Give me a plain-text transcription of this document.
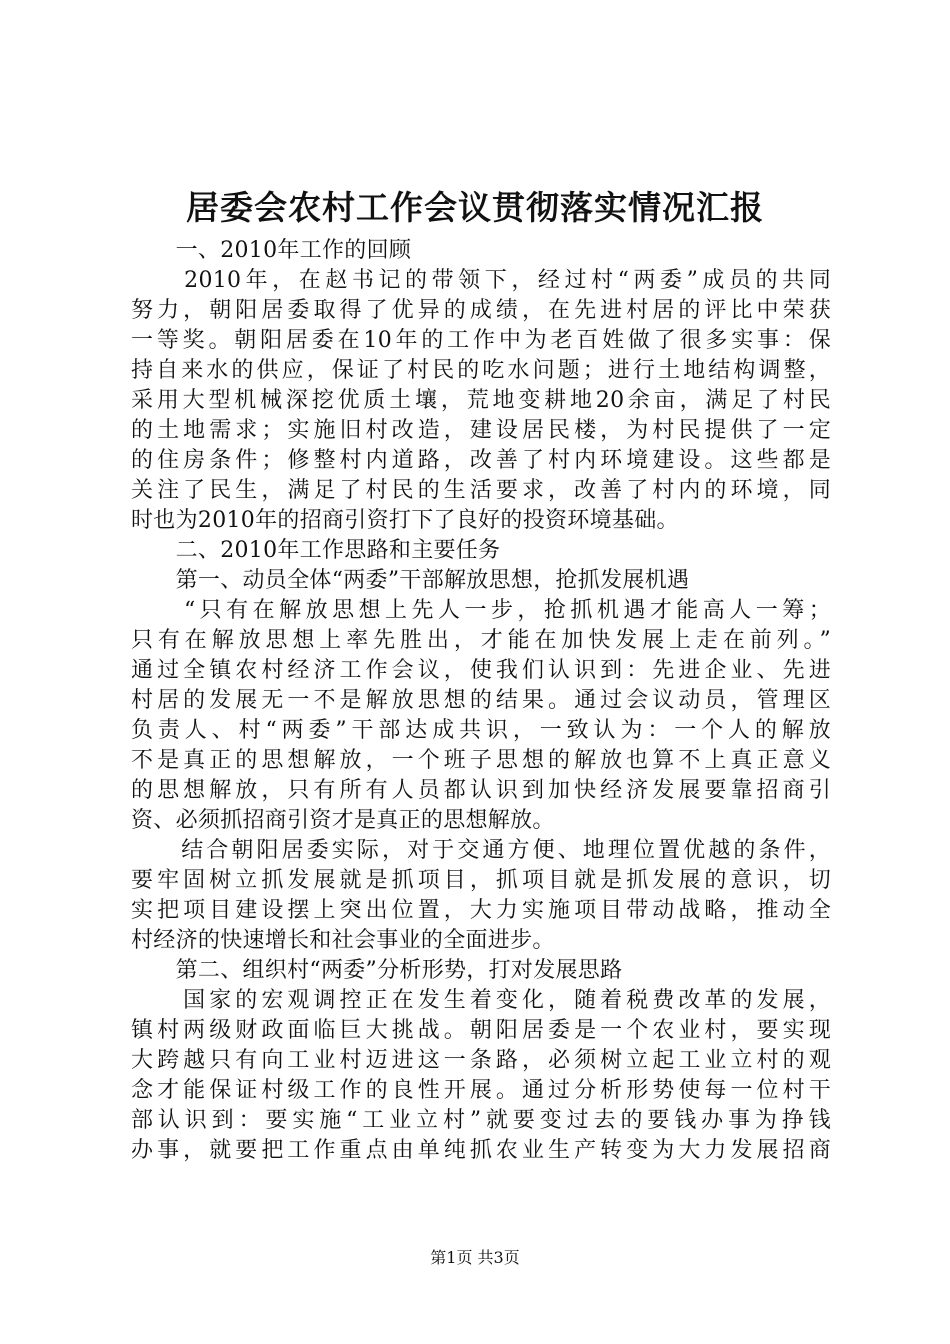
居委会农村工作会议贯彻落实情况汇报
　　一、2010年工作的回顾
　　2010年，在赵书记的带领下，经过村“两委”成员的共同
努力，朝阳居委取得了优异的成绩，在先进村居的评比中荣获
一等奖。朝阳居委在10年的工作中为老百姓做了很多实事：保
持自来水的供应，保证了村民的吃水问题；进行土地结构调整，
采用大型机械深挖优质土壤，荒地变耕地20余亩，满足了村民
的土地需求；实施旧村改造，建设居民楼，为村民提供了一定
的住房条件；修整村内道路，改善了村内环境建设。这些都是
关注了民生，满足了村民的生活要求，改善了村内的环境，同
时也为2010年的招商引资打下了良好的投资环境基础。
　　二、2010年工作思路和主要任务
　　第一、动员全体“两委”干部解放思想，抢抓发展机遇
　　“只有在解放思想上先人一步，抢抓机遇才能高人一筹；
只有在解放思想上率先胜出，才能在加快发展上走在前列。”
通过全镇农村经济工作会议，使我们认识到：先进企业、先进
村居的发展无一不是解放思想的结果。通过会议动员，管理区
负责人、村“两委”干部达成共识，一致认为：一个人的解放
不是真正的思想解放，一个班子思想的解放也算不上真正意义
的思想解放，只有所有人员都认识到加快经济发展要靠招商引
资、必须抓招商引资才是真正的思想解放。
　　结合朝阳居委实际，对于交通方便、地理位置优越的条件，
要牢固树立抓发展就是抓项目，抓项目就是抓发展的意识，切
实把项目建设摆上突出位置，大力实施项目带动战略，推动全
村经济的快速增长和社会事业的全面进步。
　　第二、组织村“两委”分析形势，打对发展思路
　　国家的宏观调控正在发生着变化，随着税费改革的发展，
镇村两级财政面临巨大挑战。朝阳居委是一个农业村，要实现
大跨越只有向工业村迈进这一条路，必须树立起工业立村的观
念才能保证村级工作的良性开展。通过分析形势使每一位村干
部认识到：要实施“工业立村”就要变过去的要钱办事为挣钱
办事，就要把工作重点由单纯抓农业生产转变为大力发展招商
第1页 共3页
